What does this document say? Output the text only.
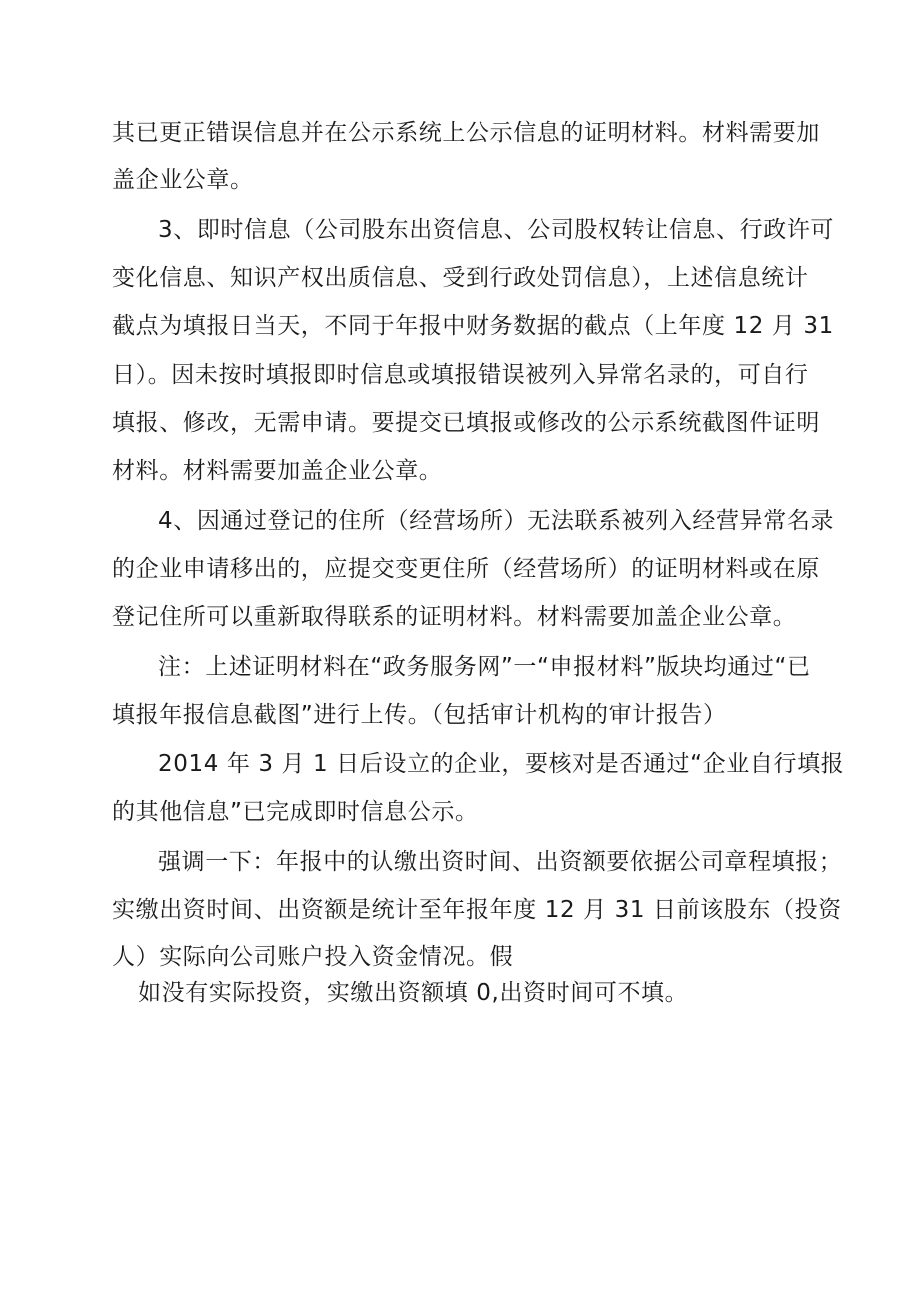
其已更正错误信息并在公示系统上公示信息的证明材料。材料需要加
盖企业公章。
3、即时信息（公司股东出资信息、公司股权转让信息、行政许可
变化信息、知识产权出质信息、受到行政处罚信息），上述信息统计
截点为填报日当天，不同于年报中财务数据的截点（上年度 12 月 31
日）。因未按时填报即时信息或填报错误被列入异常名录的，可自行
填报、修改，无需申请。要提交已填报或修改的公示系统截图件证明
材料。材料需要加盖企业公章。
4、因通过登记的住所（经营场所）无法联系被列入经营异常名录
的企业申请移出的，应提交变更住所（经营场所）的证明材料或在原
登记住所可以重新取得联系的证明材料。材料需要加盖企业公章。
注：上述证明材料在“政务服务网”一“申报材料”版块均通过“已
填报年报信息截图”进行上传。（包括审计机构的审计报告）
2014 年 3 月 1 日后设立的企业，要核对是否通过“企业自行填报
的其他信息”已完成即时信息公示。
强调一下：年报中的认缴出资时间、出资额要依据公司章程填报；
实缴出资时间、出资额是统计至年报年度 12 月 31 日前该股东（投资
人）实际向公司账户投入资金情况。假
如没有实际投资，实缴出资额填 0,出资时间可不填。
